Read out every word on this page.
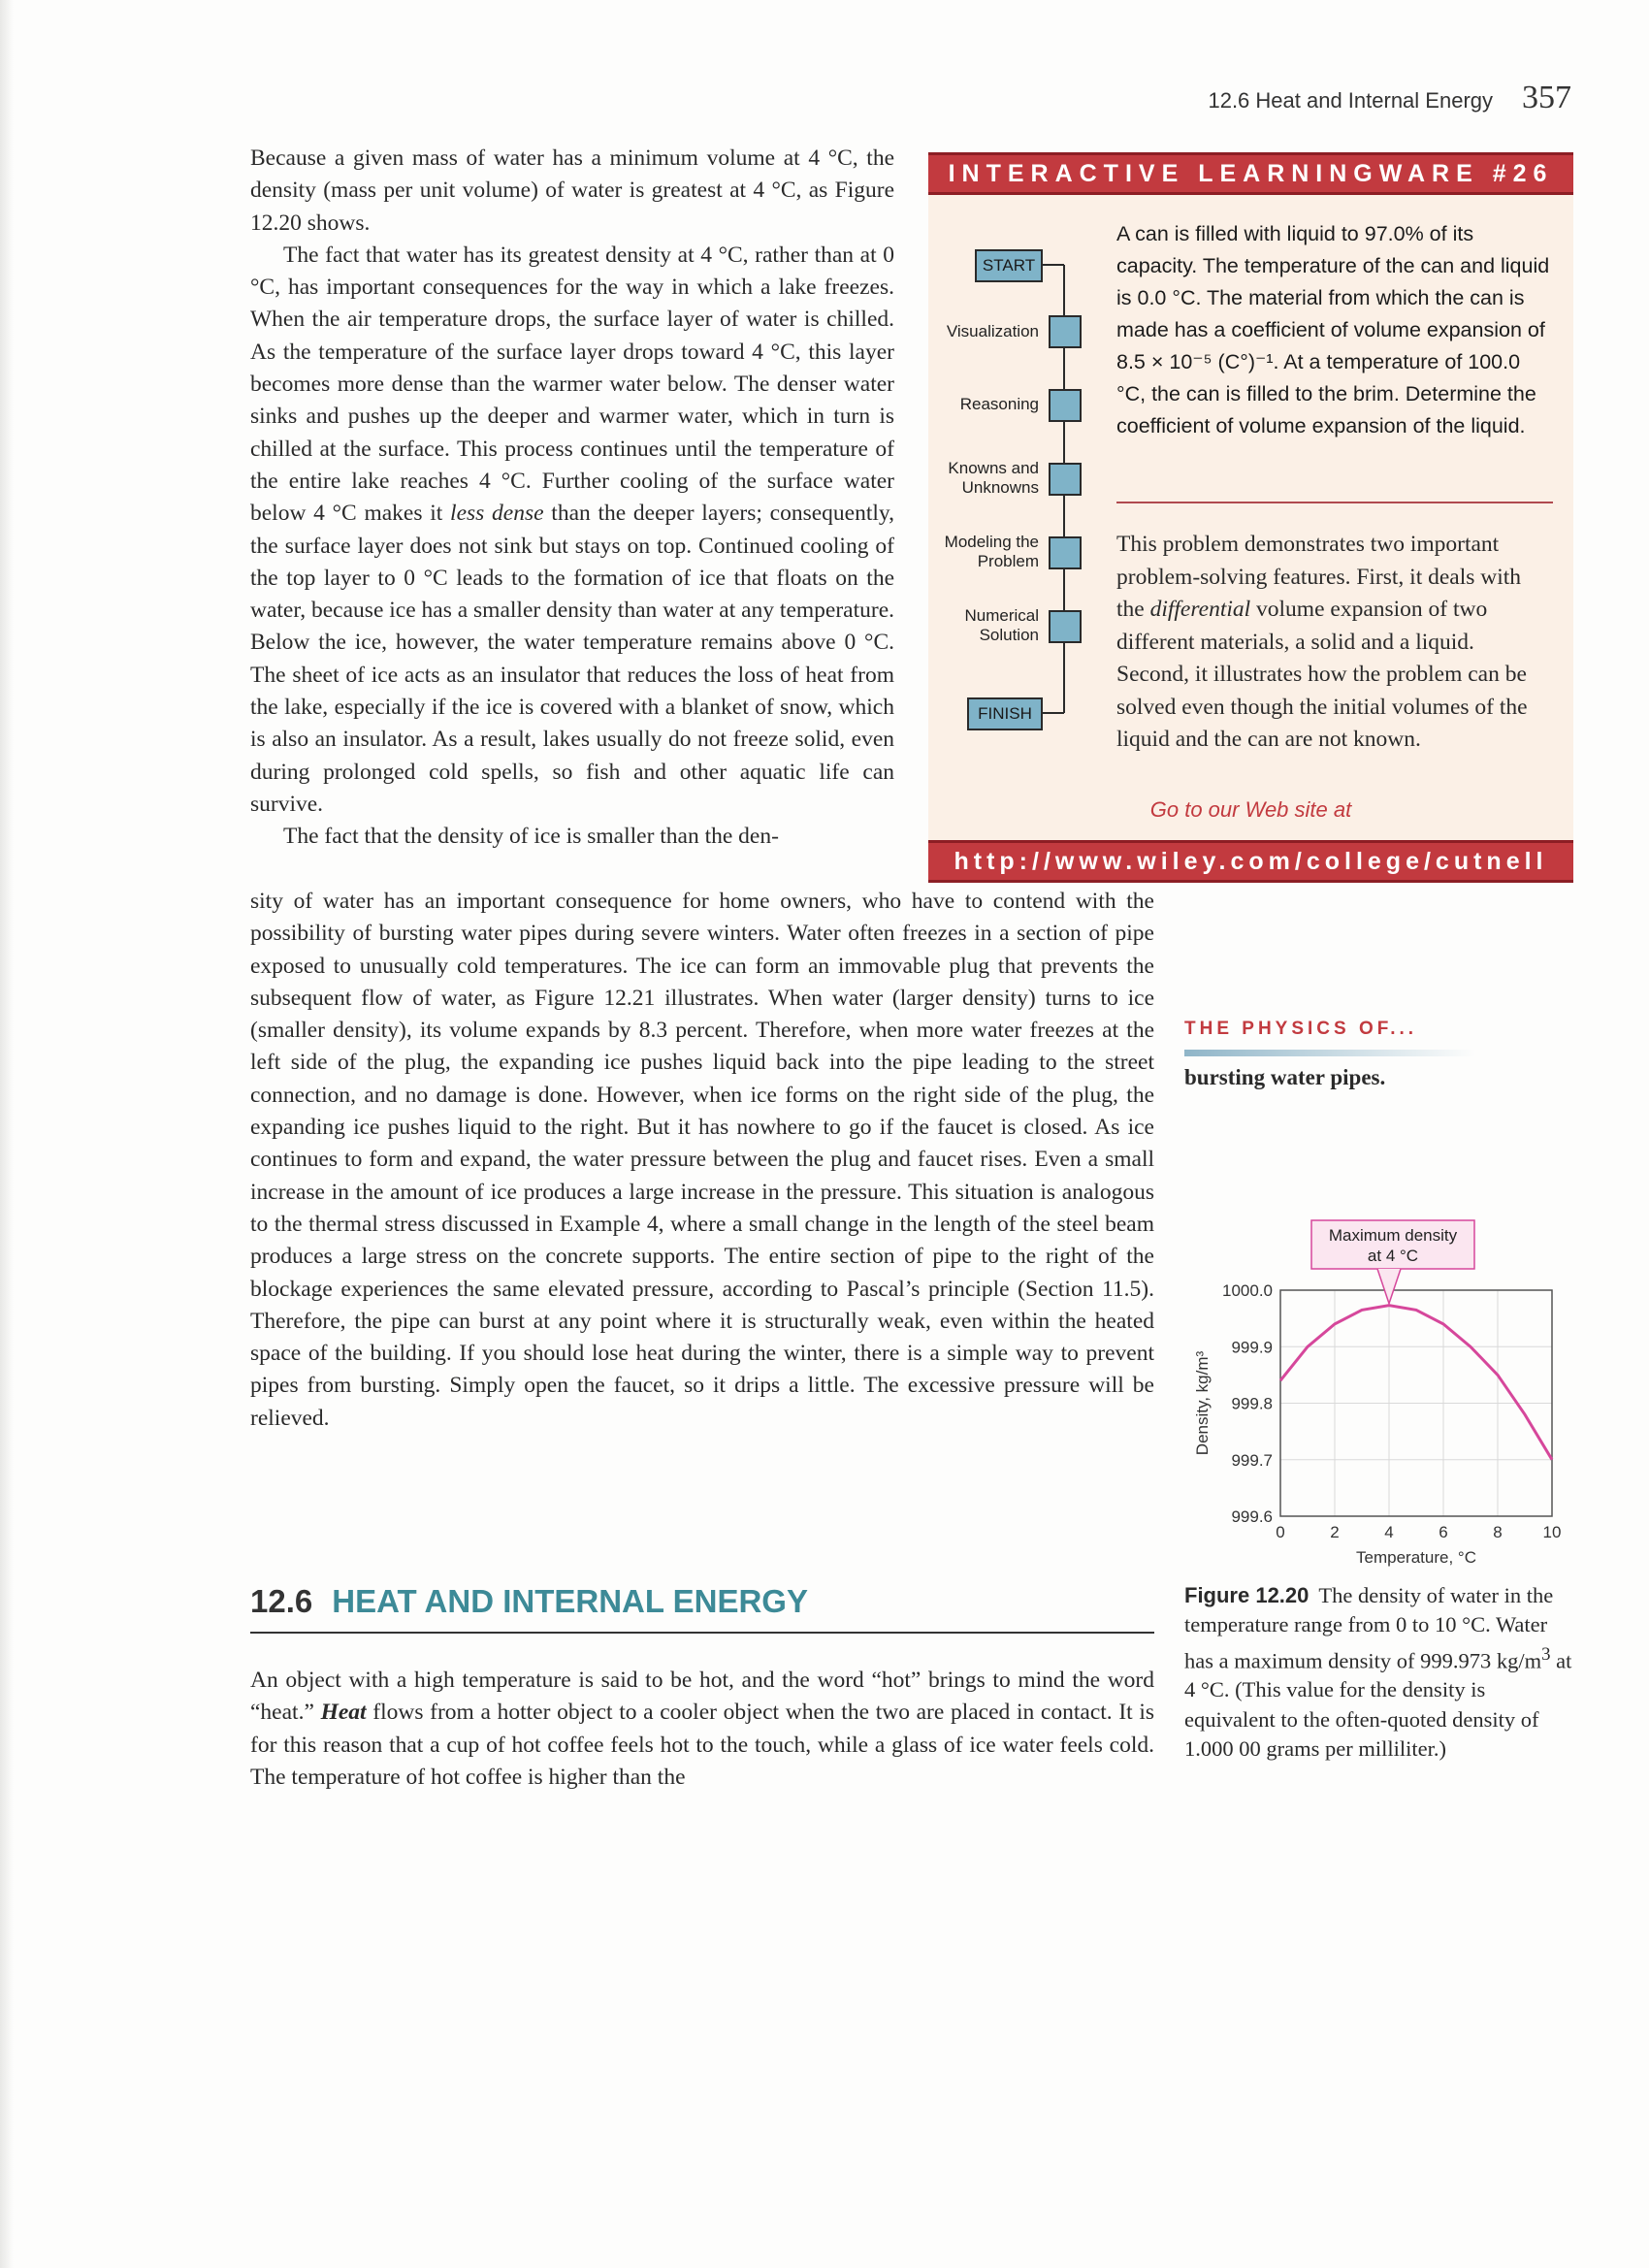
12.6 Heat and Internal Energy 357

Because a given mass of water has a minimum volume at 4 °C, the density (mass per unit volume) of water is greatest at 4 °C, as Figure 12.20 shows.

The fact that water has its greatest density at 4 °C, rather than at 0 °C, has important consequences for the way in which a lake freezes. When the air temperature drops, the surface layer of water is chilled. As the temperature of the surface layer drops toward 4 °C, this layer becomes more dense than the warmer water below. The denser water sinks and pushes up the deeper and warmer water, which in turn is chilled at the surface. This process continues until the temperature of the entire lake reaches 4 °C. Further cooling of the surface water below 4 °C makes it less dense than the deeper layers; consequently, the surface layer does not sink but stays on top. Continued cooling of the top layer to 0 °C leads to the formation of ice that floats on the water, because ice has a smaller density than water at any temperature. Below the ice, however, the water temperature remains above 0 °C. The sheet of ice acts as an insulator that reduces the loss of heat from the lake, especially if the ice is covered with a blanket of snow, which is also an insulator. As a result, lakes usually do not freeze solid, even during prolonged cold spells, so fish and other aquatic life can survive.

The fact that the density of ice is smaller than the den-

sity of water has an important consequence for home owners, who have to contend with the possibility of bursting water pipes during severe winters. Water often freezes in a section of pipe exposed to unusually cold temperatures. The ice can form an immovable plug that prevents the subsequent flow of water, as Figure 12.21 illustrates. When water (larger density) turns to ice (smaller density), its volume expands by 8.3 percent. Therefore, when more water freezes at the left side of the plug, the expanding ice pushes liquid back into the pipe leading to the street connection, and no damage is done. However, when ice forms on the right side of the plug, the expanding ice pushes liquid to the right. But it has nowhere to go if the faucet is closed. As ice continues to form and expand, the water pressure between the plug and faucet rises. Even a small increase in the amount of ice produces a large increase in the pressure. This situation is analogous to the thermal stress discussed in Example 4, where a small change in the length of the steel beam produces a large stress on the concrete supports. The entire section of pipe to the right of the blockage experiences the same elevated pressure, according to Pascal’s principle (Section 11.5). Therefore, the pipe can burst at any point where it is structurally weak, even within the heated space of the building. If you should lose heat during the winter, there is a simple way to prevent pipes from bursting. Simply open the faucet, so it drips a little. The excessive pressure will be relieved.

INTERACTIVE LEARNINGWARE #26
START
Visualization
Reasoning
Knowns and Unknowns
Modeling the Problem
Numerical Solution
FINISH
A can is filled with liquid to 97.0% of its capacity. The temperature of the can and liquid is 0.0 °C. The material from which the can is made has a coefficient of volume expansion of 8.5 × 10⁻⁵ (C°)⁻¹. At a temperature of 100.0 °C, the can is filled to the brim. Determine the coefficient of volume expansion of the liquid.
This problem demonstrates two important problem-solving features. First, it deals with the differential volume expansion of two different materials, a solid and a liquid. Second, it illustrates how the problem can be solved even though the initial volumes of the liquid and the can are not known.
Go to our Web site at
http://www.wiley.com/college/cutnell
THE PHYSICS OF...
bursting water pipes.
0	2	4	6	8 10
999.6
999.7
999.8
999.9
1000.0
Temperature, °C
Density, kg/m³
Maximum density
at 4 °C
Figure 12.20 The density of water in the temperature range from 0 to 10 °C. Water has a maximum density of 999.973 $kg/m^3$ at 4 °C. (This value for the density is equivalent to the often-quoted density of 1.000 00 grams per milliliter.)
12.6 HEAT AND INTERNAL ENERGY

An object with a high temperature is said to be hot, and the word “hot” brings to mind the word “heat.” Heat flows from a hotter object to a cooler object when the two are placed in contact. It is for this reason that a cup of hot coffee feels hot to the touch, while a glass of ice water feels cold. The temperature of hot coffee is higher than the
